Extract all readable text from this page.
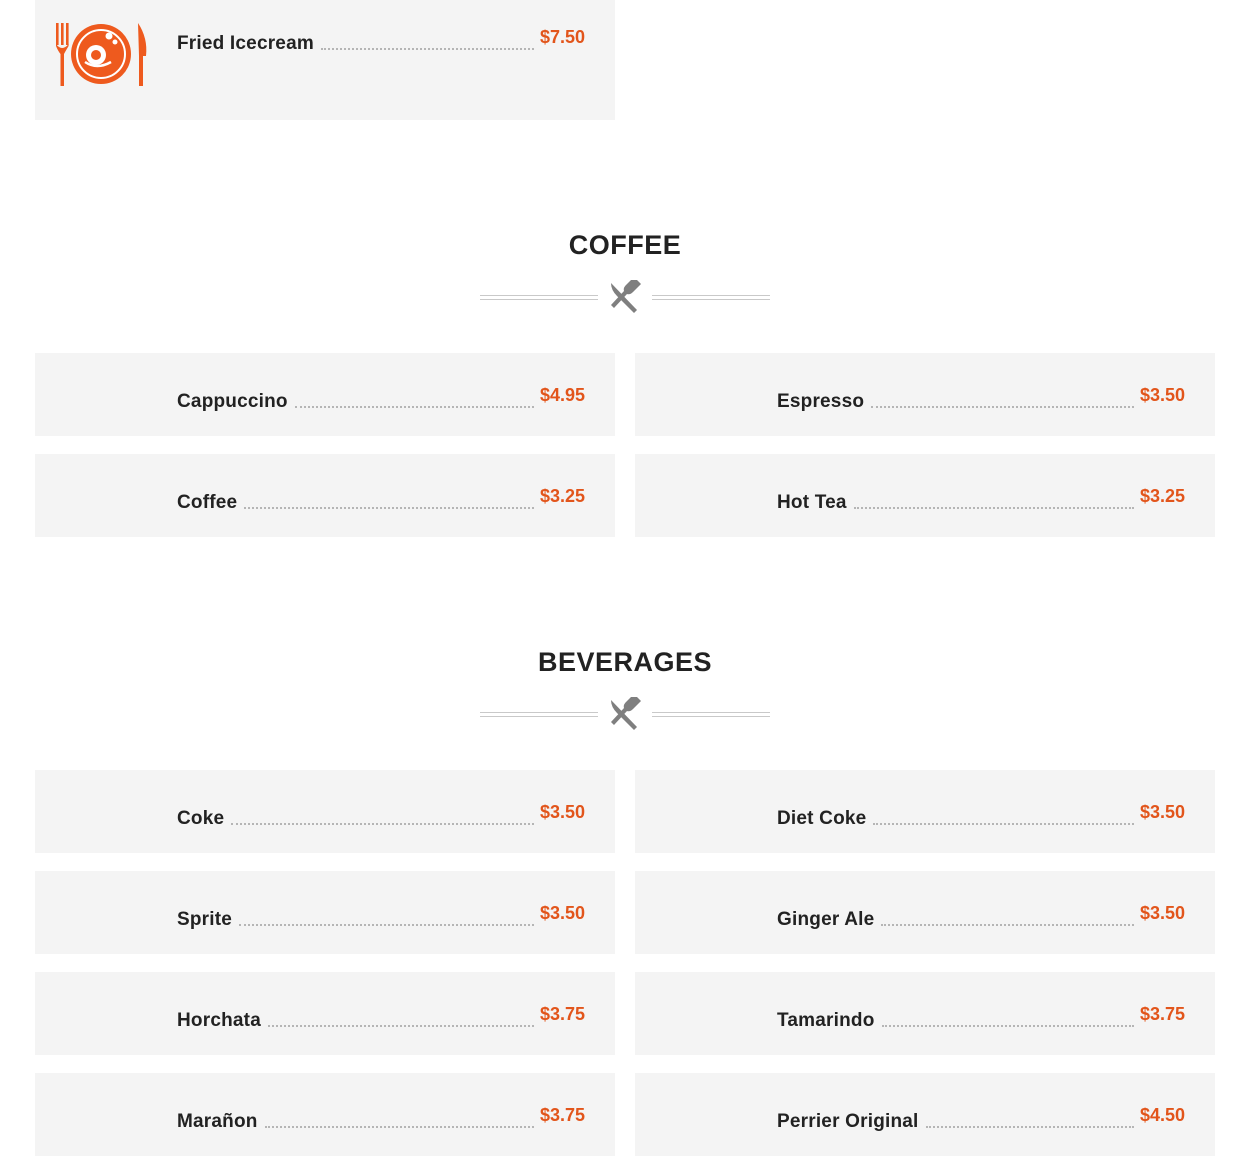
Fried Icecream	$7.50
COFFEE
Cappuccino	$4.95	Espresso	$3.50
Coffee	$3.25	Hot Tea	$3.25
BEVERAGES
Coke	$3.50	Diet Coke	$3.50
Sprite	$3.50	Ginger Ale	$3.50
Horchata	$3.75	Tamarindo	$3.75
Marañon	$3.75	Perrier Original	$4.50
